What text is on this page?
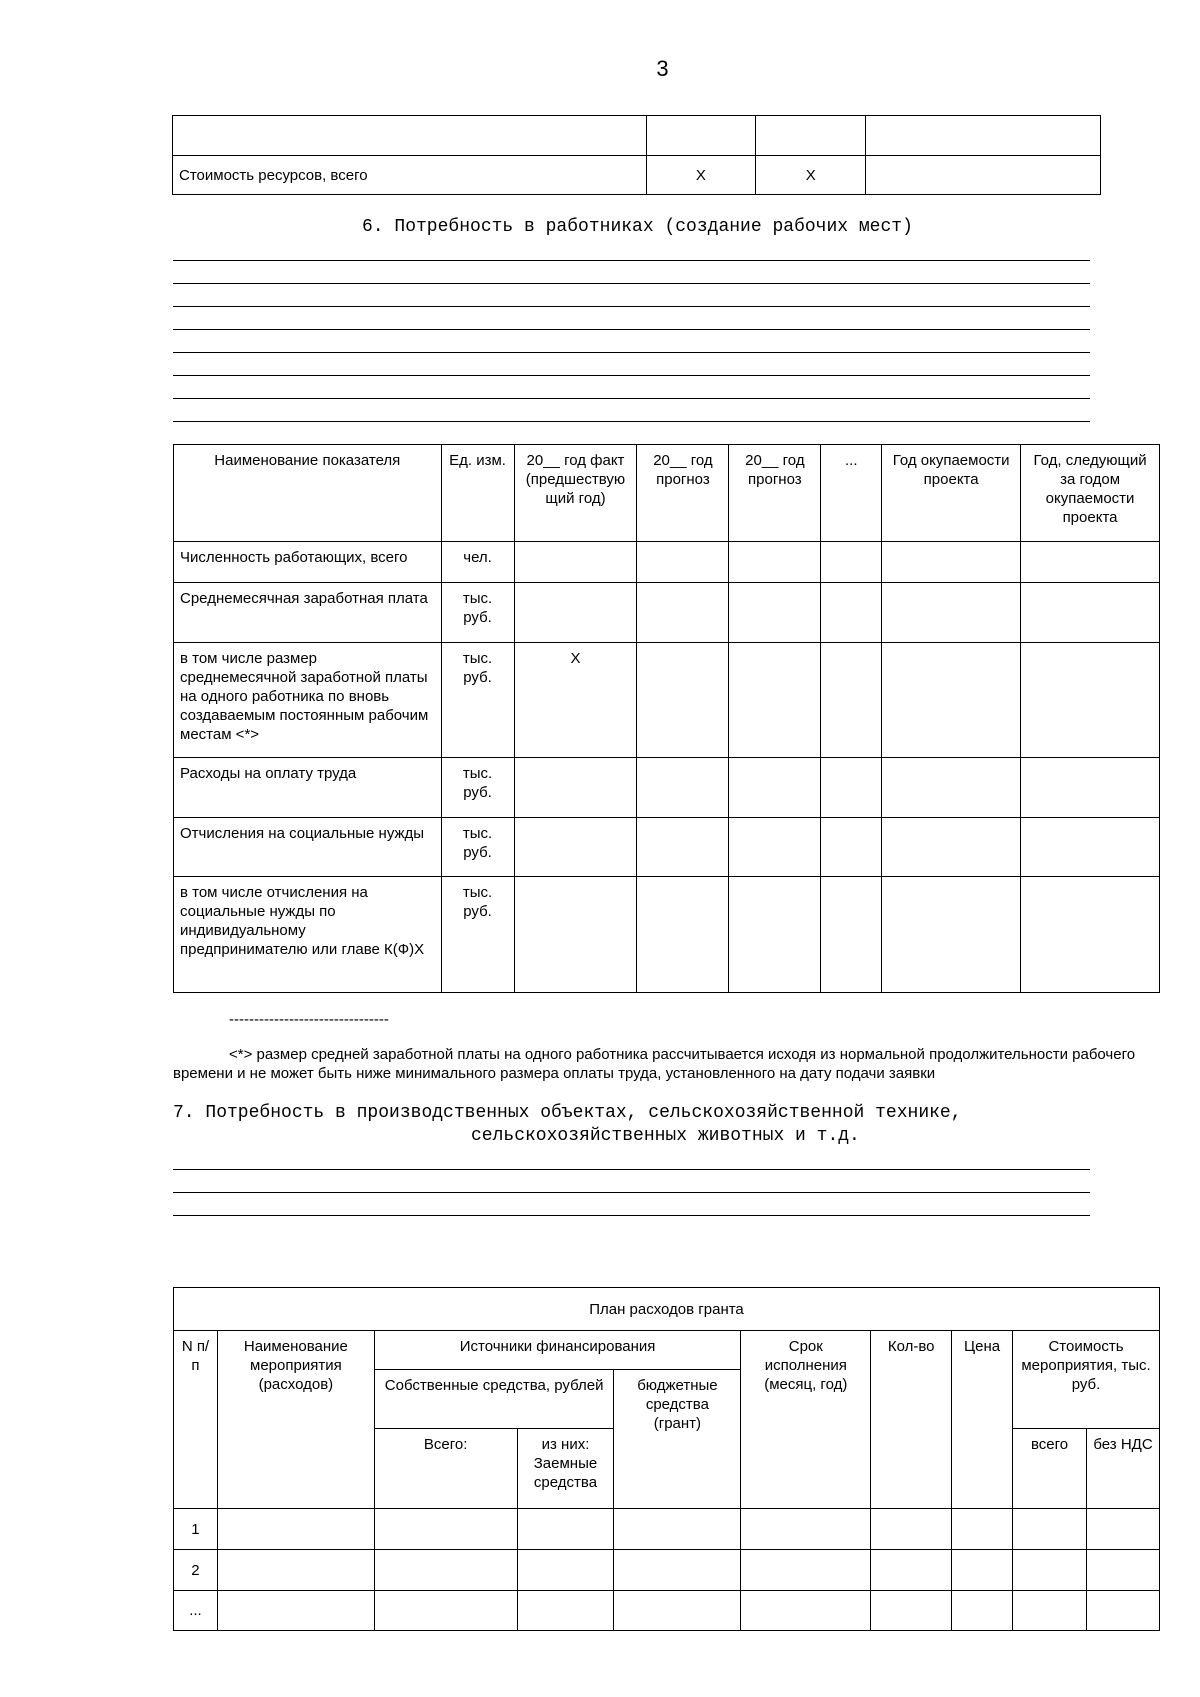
3

Стоимость ресурсов, всего	X	X	
6. Потребность в работниках (создание рабочих мест)
Наименование показателя	Ед. изм.	20__ год факт (предшествую щий год)	20__ год прогноз	20__ год прогноз	...	Год окупаемости проекта	Год, следующий за годом окупаемости проекта
Численность работающих, всего	чел.						
Среднемесячная заработная плата	тыс. руб.						
в том числе размер среднемесячной заработной платы на одного работника по вновь создаваемым постоянным рабочим местам <*>	тыс. руб.	X					
Расходы на оплату труда	тыс. руб.						
Отчисления на социальные нужды	тыс. руб.						
в том числе отчисления на социальные нужды по индивидуальному предпринимателю или главе К(Ф)Х	тыс. руб.						
--------------------------------
<*> размер средней заработной платы на одного работника рассчитывается исходя из нормальной продолжительности рабочего времени и не может быть ниже минимального размера оплаты труда, установленного на дату подачи заявки
7. Потребность в производственных объектах, сельскохозяйственной технике,
сельскохозяйственных животных и т.д.
План расходов гранта									
N п/п	Наименование мероприятия (расходов)	Источники финансирования			Срок исполнения (месяц, год)	Кол-во	Цена	Стоимость мероприятия, тыс. руб.	
		Собственные средства, рублей		бюджетные средства (грант)					
		Всего:	из них: Заемные средства					всего	без НДС
1									
2									
...									
